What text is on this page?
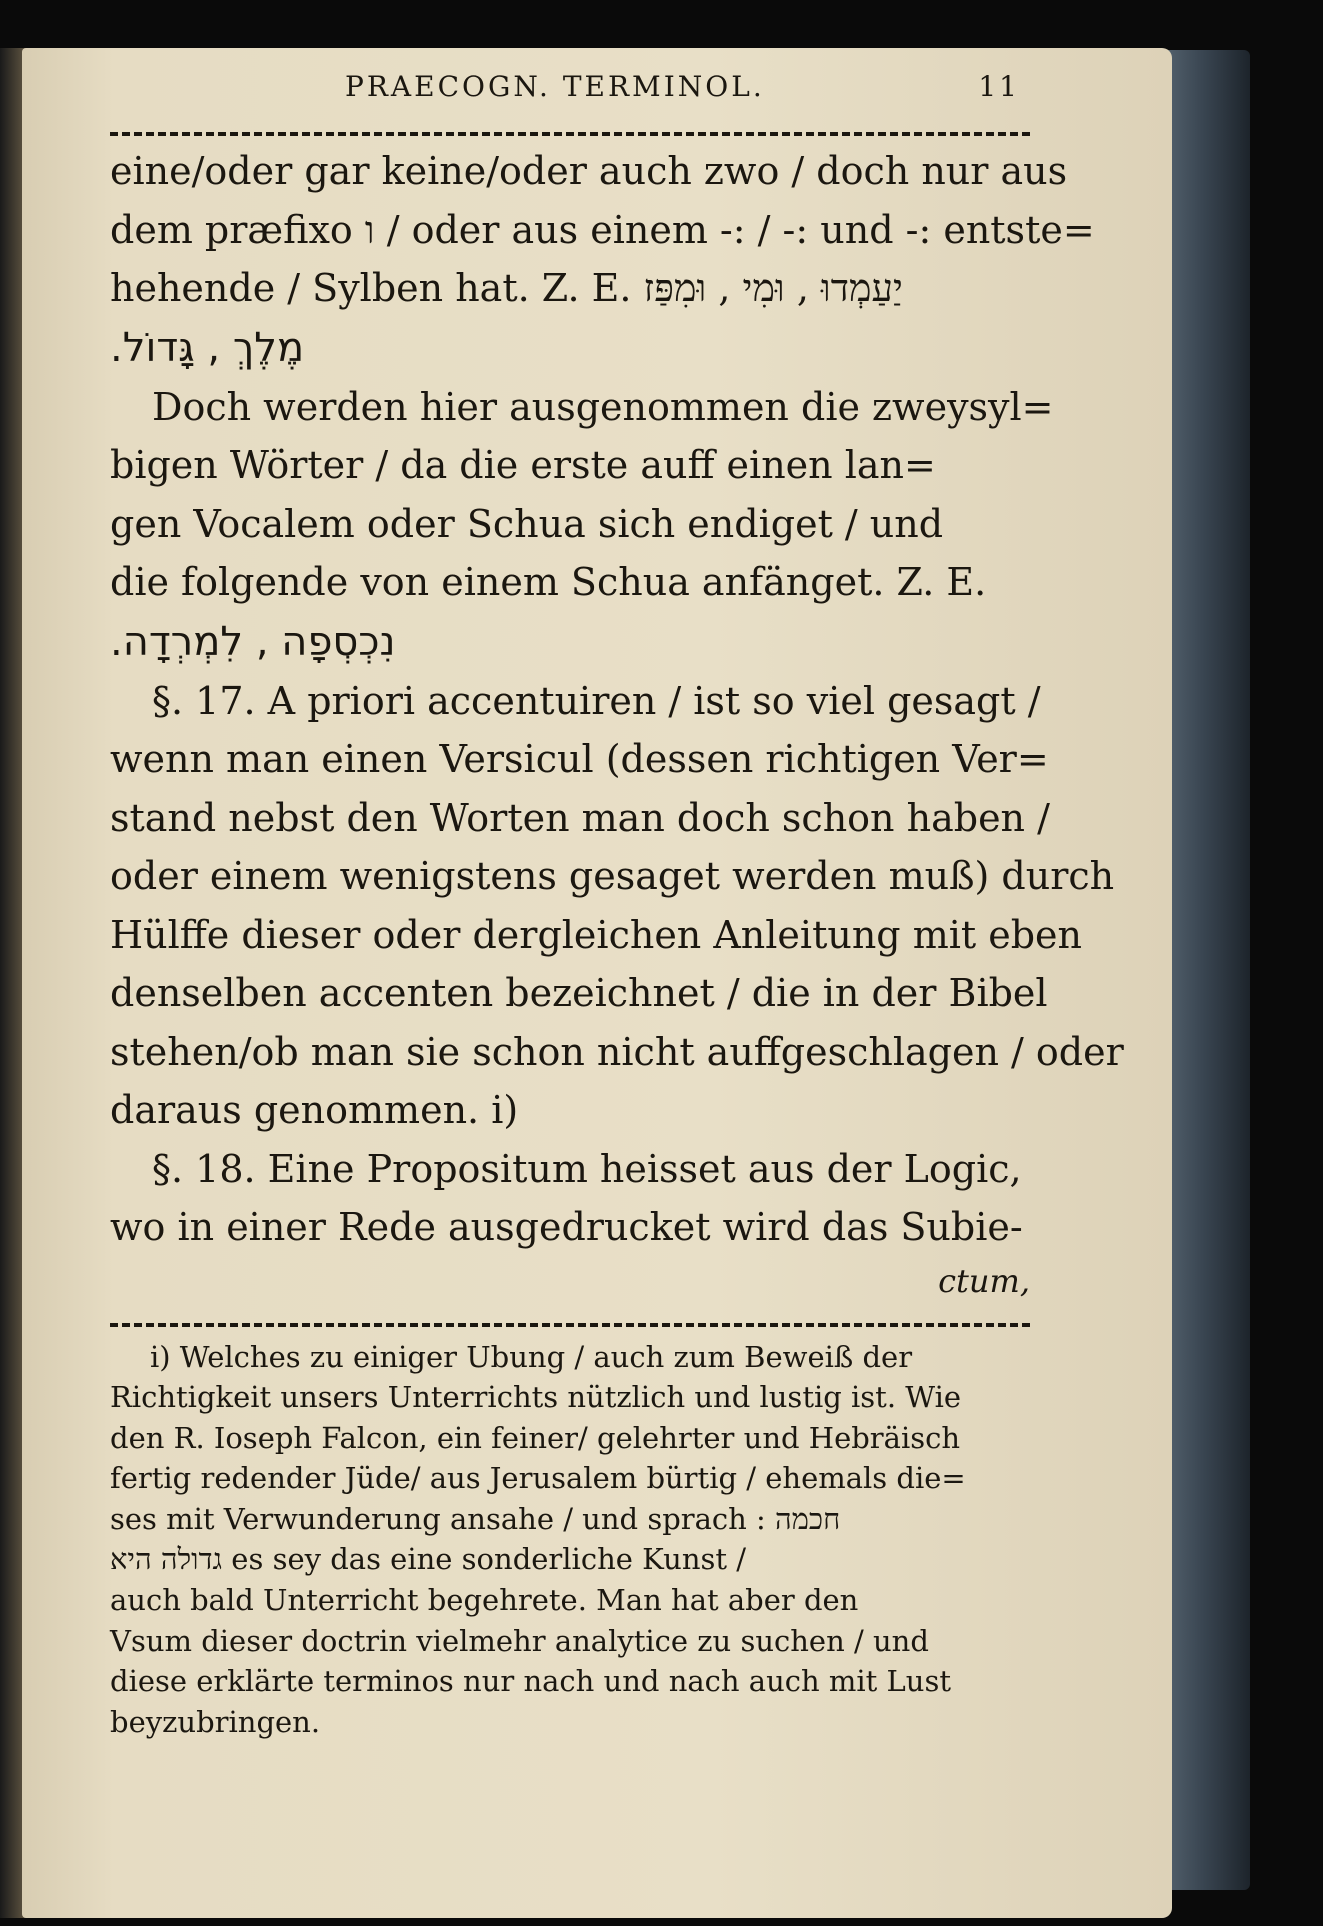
PRAECOGN. TERMINOL.	11
eine/oder gar keine/oder auch zwo / doch nur aus
dem præfixo ו / oder aus einem -: / -: und -: entste=
hehende / Sylben hat. Z. E. יַעַמְדוּ , וּמִי , וּמִפַּז
מֶלֶךְ , גָּדוֹל.
Doch werden hier ausgenommen die zweysyl=
bigen Wörter / da die erste auff einen lan=
gen Vocalem oder Schua sich endiget / und
die folgende von einem Schua anfänget. Z. E.
נִכְסְפָה , לִמְרְדָה.
§. 17. A priori accentuiren / ist so viel gesagt /
wenn man einen Versicul (dessen richtigen Ver=
stand nebst den Worten man doch schon haben /
oder einem wenigstens gesaget werden muß) durch
Hülffe dieser oder dergleichen Anleitung mit eben
denselben accenten bezeichnet / die in der Bibel
stehen/ob man sie schon nicht auffgeschlagen / oder
daraus genommen. i)
§. 18. Eine Propositum heisset aus der Logic,
wo in einer Rede ausgedrucket wird das Subie-
ctum,
i) Welches zu einiger Ubung / auch zum Beweiß der
Richtigkeit unsers Unterrichts nützlich und lustig ist. Wie
den R. Ioseph Falcon, ein feiner/ gelehrter und Hebräisch
fertig redender Jüde/ aus Jerusalem bürtig / ehemals die=
ses mit Verwunderung ansahe / und sprach : חכמה
גדולה היא es sey das eine sonderliche Kunst /
auch bald Unterricht begehrete. Man hat aber den
Vsum dieser doctrin vielmehr analytice zu suchen / und
diese erklärte terminos nur nach und nach auch mit Lust
beyzubringen.
